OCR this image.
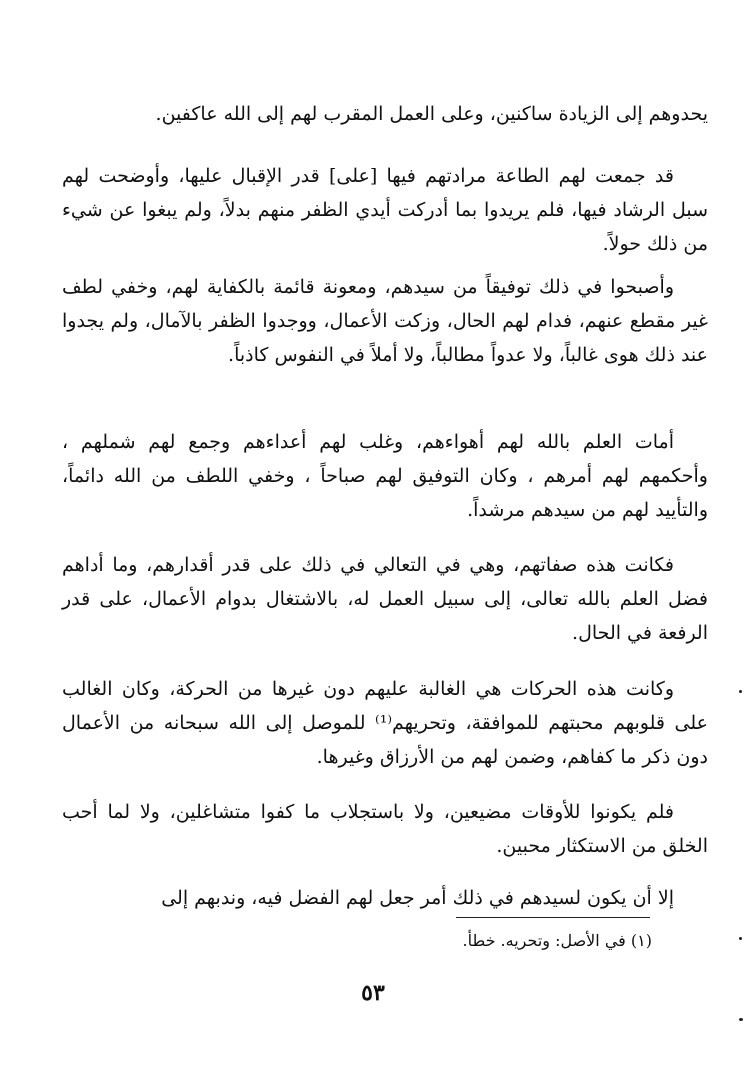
يحدوهم إلى الزيادة ساكنين، وعلى العمل المقرب لهم إلى الله عاكفين.

قد جمعت لهم الطاعة مرادتهم فيها [على] قدر الإقبال عليها، وأوضحت لهم سبل الرشاد فيها، فلم يريدوا بما أدركت أيدي الظفر منهم بدلاً، ولم يبغوا عن شيء من ذلك حولاً.

وأصبحوا في ذلك توفيقاً من سيدهم، ومعونة قائمة بالكفاية لهم، وخفي لطف غير مقطع عنهم، فدام لهم الحال، وزكت الأعمال، ووجدوا الظفر بالآمال، ولم يجدوا عند ذلك هوى غالباً، ولا عدواً مطالباً، ولا أملاً في النفوس كاذباً.

أمات العلم بالله لهم أهواءهم، وغلب لهم أعداءهم وجمع لهم شملهم ، وأحكمهم لهم أمرهم ، وكان التوفيق لهم صباحاً ، وخفي اللطف من الله دائماً، والتأييد لهم من سيدهم مرشداً.

فكانت هذه صفاتهم، وهي في التعالي في ذلك على قدر أقدارهم، وما أداهم فضل العلم بالله تعالى، إلى سبيل العمل له، بالاشتغال بدوام الأعمال، على قدر الرفعة في الحال.

وكانت هذه الحركات هي الغالبة عليهم دون غيرها من الحركة، وكان الغالب على قلوبهم محبتهم للموافقة، وتحريهم⁽¹⁾ للموصل إلى الله سبحانه من الأعمال دون ذكر ما كفاهم، وضمن لهم من الأرزاق وغيرها.

فلم يكونوا للأوقات مضيعين، ولا باستجلاب ما كفوا متشاغلين، ولا لما أحب الخلق من الاستكثار محبين.

إلا أن يكون لسيدهم في ذلك أمر جعل لهم الفضل فيه، وندبهم إلى

(١) في الأصل: وتحريه. خطأ.

٥٣
